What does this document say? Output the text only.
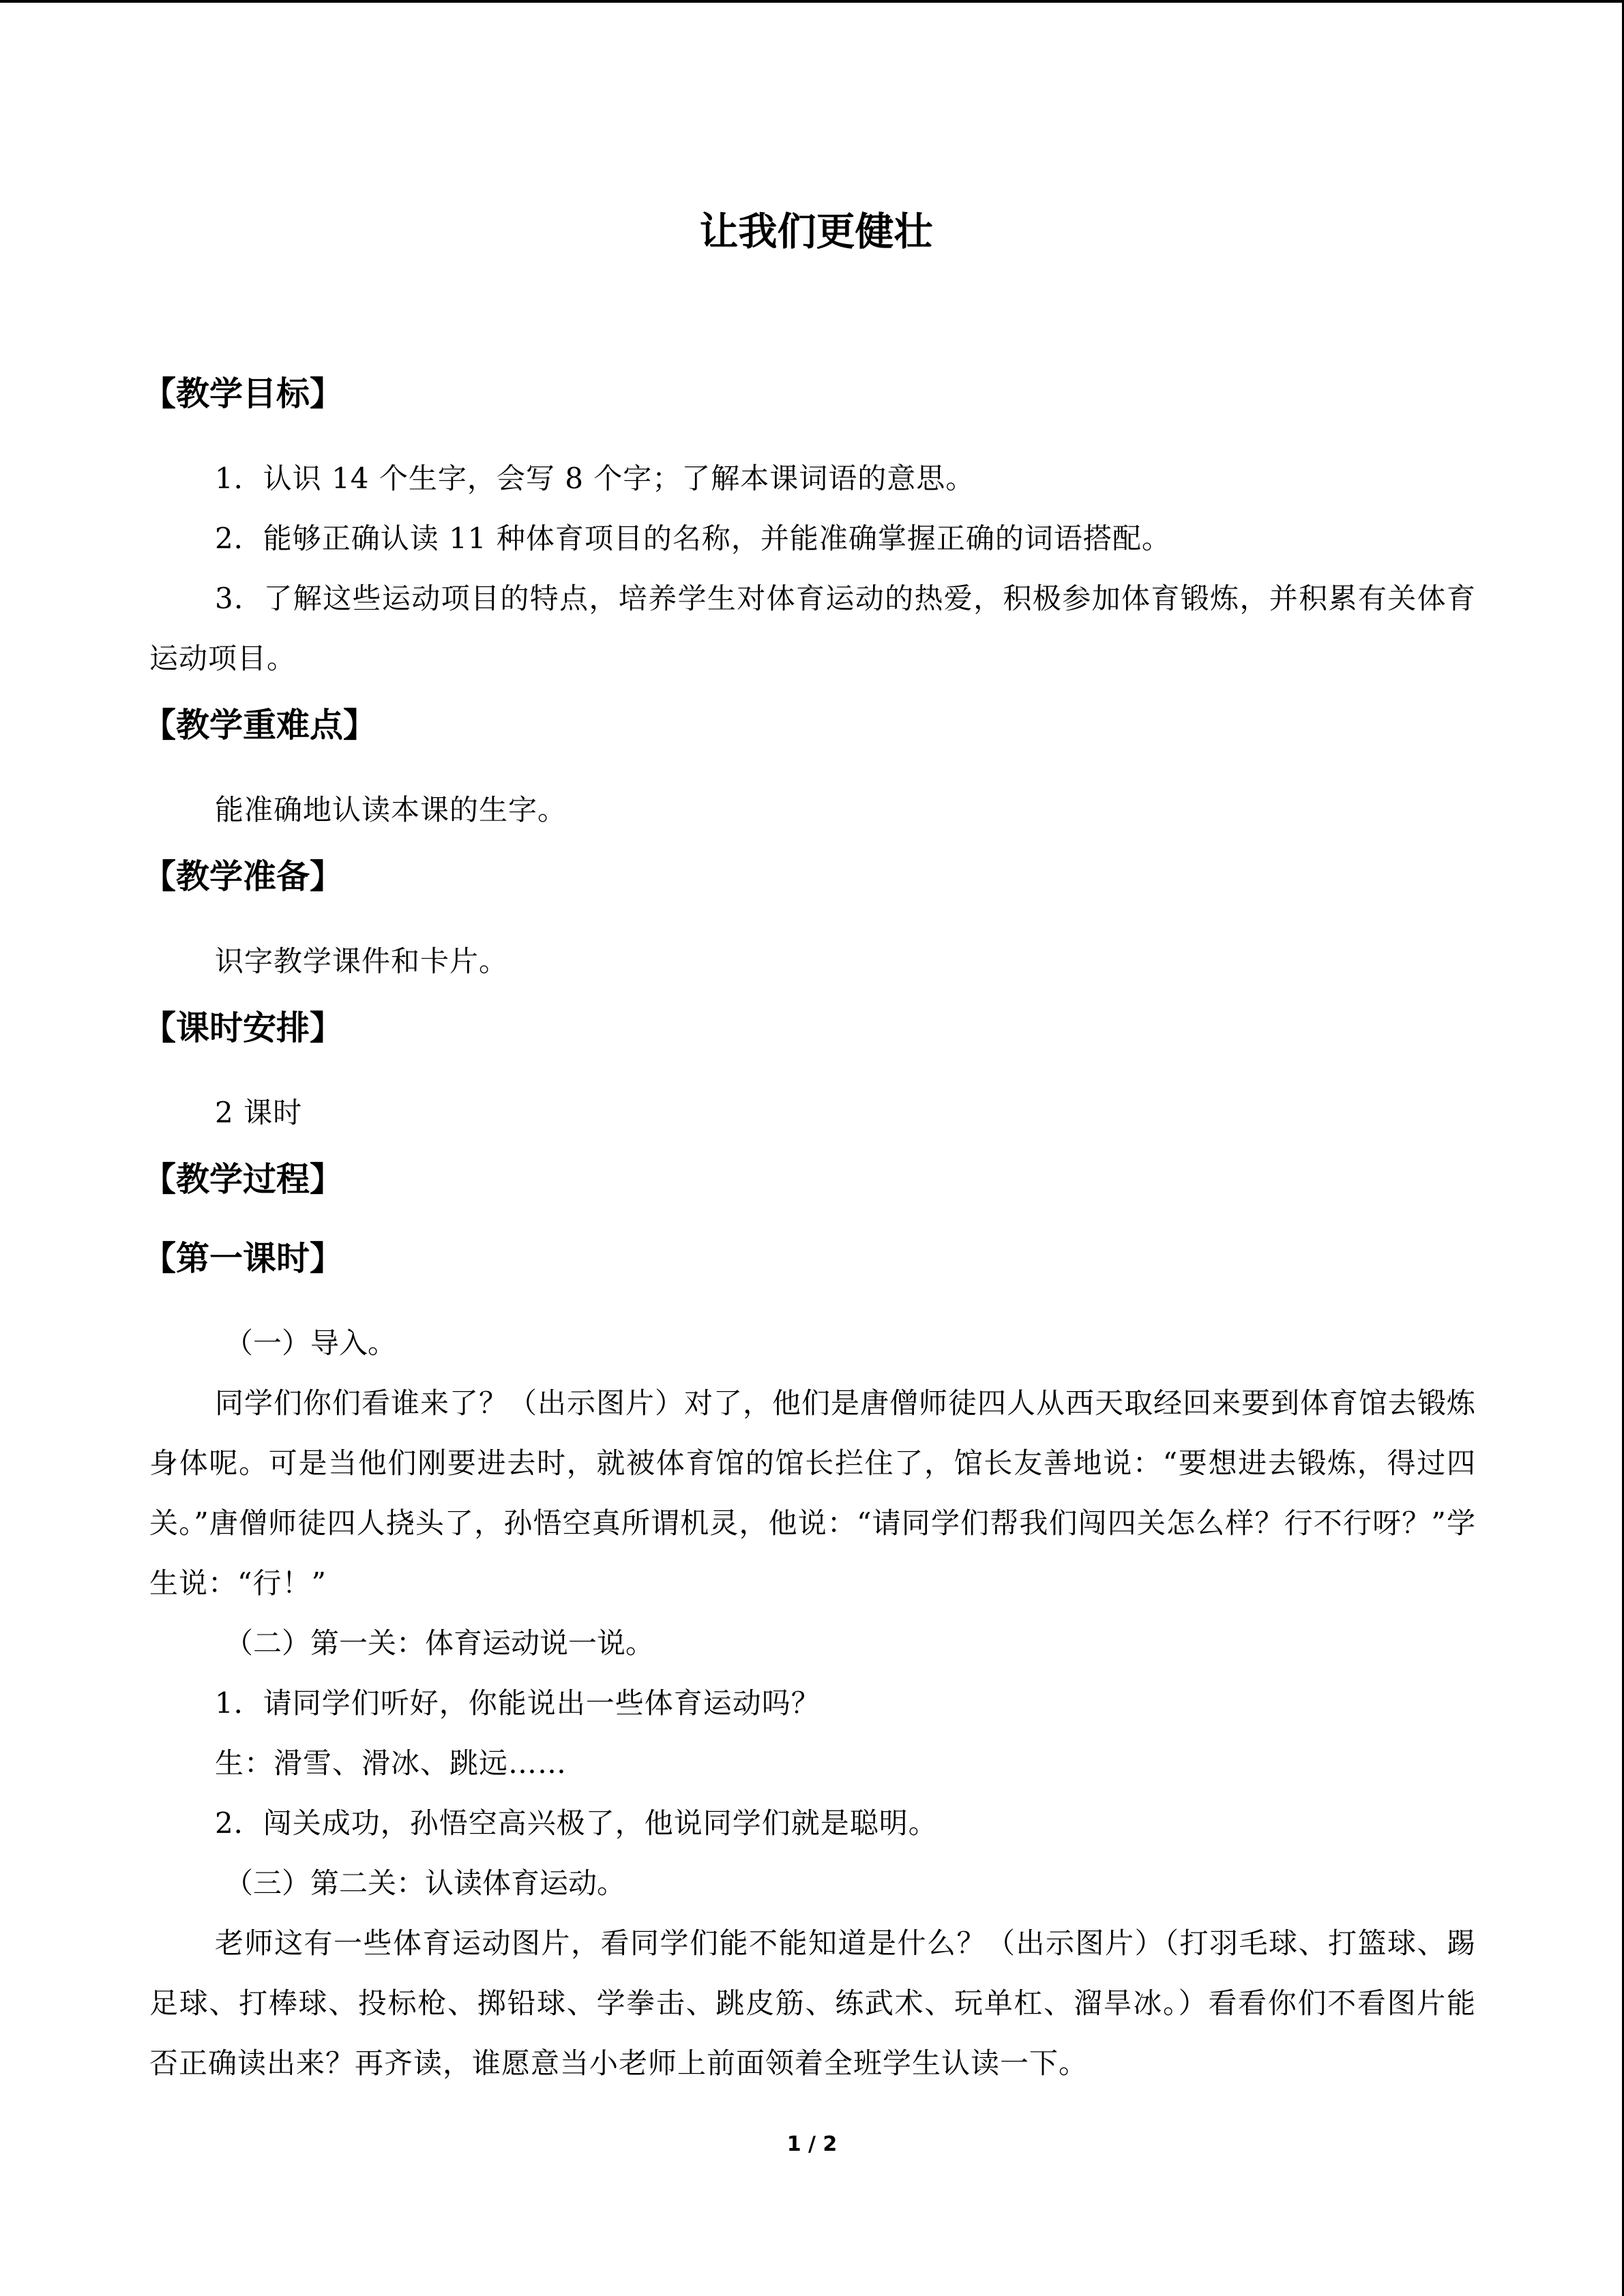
让我们更健壮
【教学目标】

1．认识 14 个生字，会写 8 个字；了解本课词语的意思。

2．能够正确认读 11 种体育项目的名称，并能准确掌握正确的词语搭配。

3．了解这些运动项目的特点，培养学生对体育运动的热爱，积极参加体育锻炼，并积累有关体育运动项目。

【教学重难点】

能准确地认读本课的生字。

【教学准备】

识字教学课件和卡片。

【课时安排】

2 课时

【教学过程】
【第一课时】

（一）导入。

同学们你们看谁来了？（出示图片）对了，他们是唐僧师徒四人从西天取经回来要到体育馆去锻炼身体呢。可是当他们刚要进去时，就被体育馆的馆长拦住了，馆长友善地说：“要想进去锻炼，得过四关。”唐僧师徒四人挠头了，孙悟空真所谓机灵，他说：“请同学们帮我们闯四关怎么样？行不行呀？”学生说：“行！”

（二）第一关：体育运动说一说。

1．请同学们听好，你能说出一些体育运动吗？

生：滑雪、滑冰、跳远……

2．闯关成功，孙悟空高兴极了，他说同学们就是聪明。

（三）第二关：认读体育运动。

老师这有一些体育运动图片，看同学们能不能知道是什么？（出示图片）（打羽毛球、打篮球、踢足球、打棒球、投标枪、掷铅球、学拳击、跳皮筋、练武术、玩单杠、溜旱冰。）看看你们不看图片能否正确读出来？再齐读，谁愿意当小老师上前面领着全班学生认读一下。

1 / 2
